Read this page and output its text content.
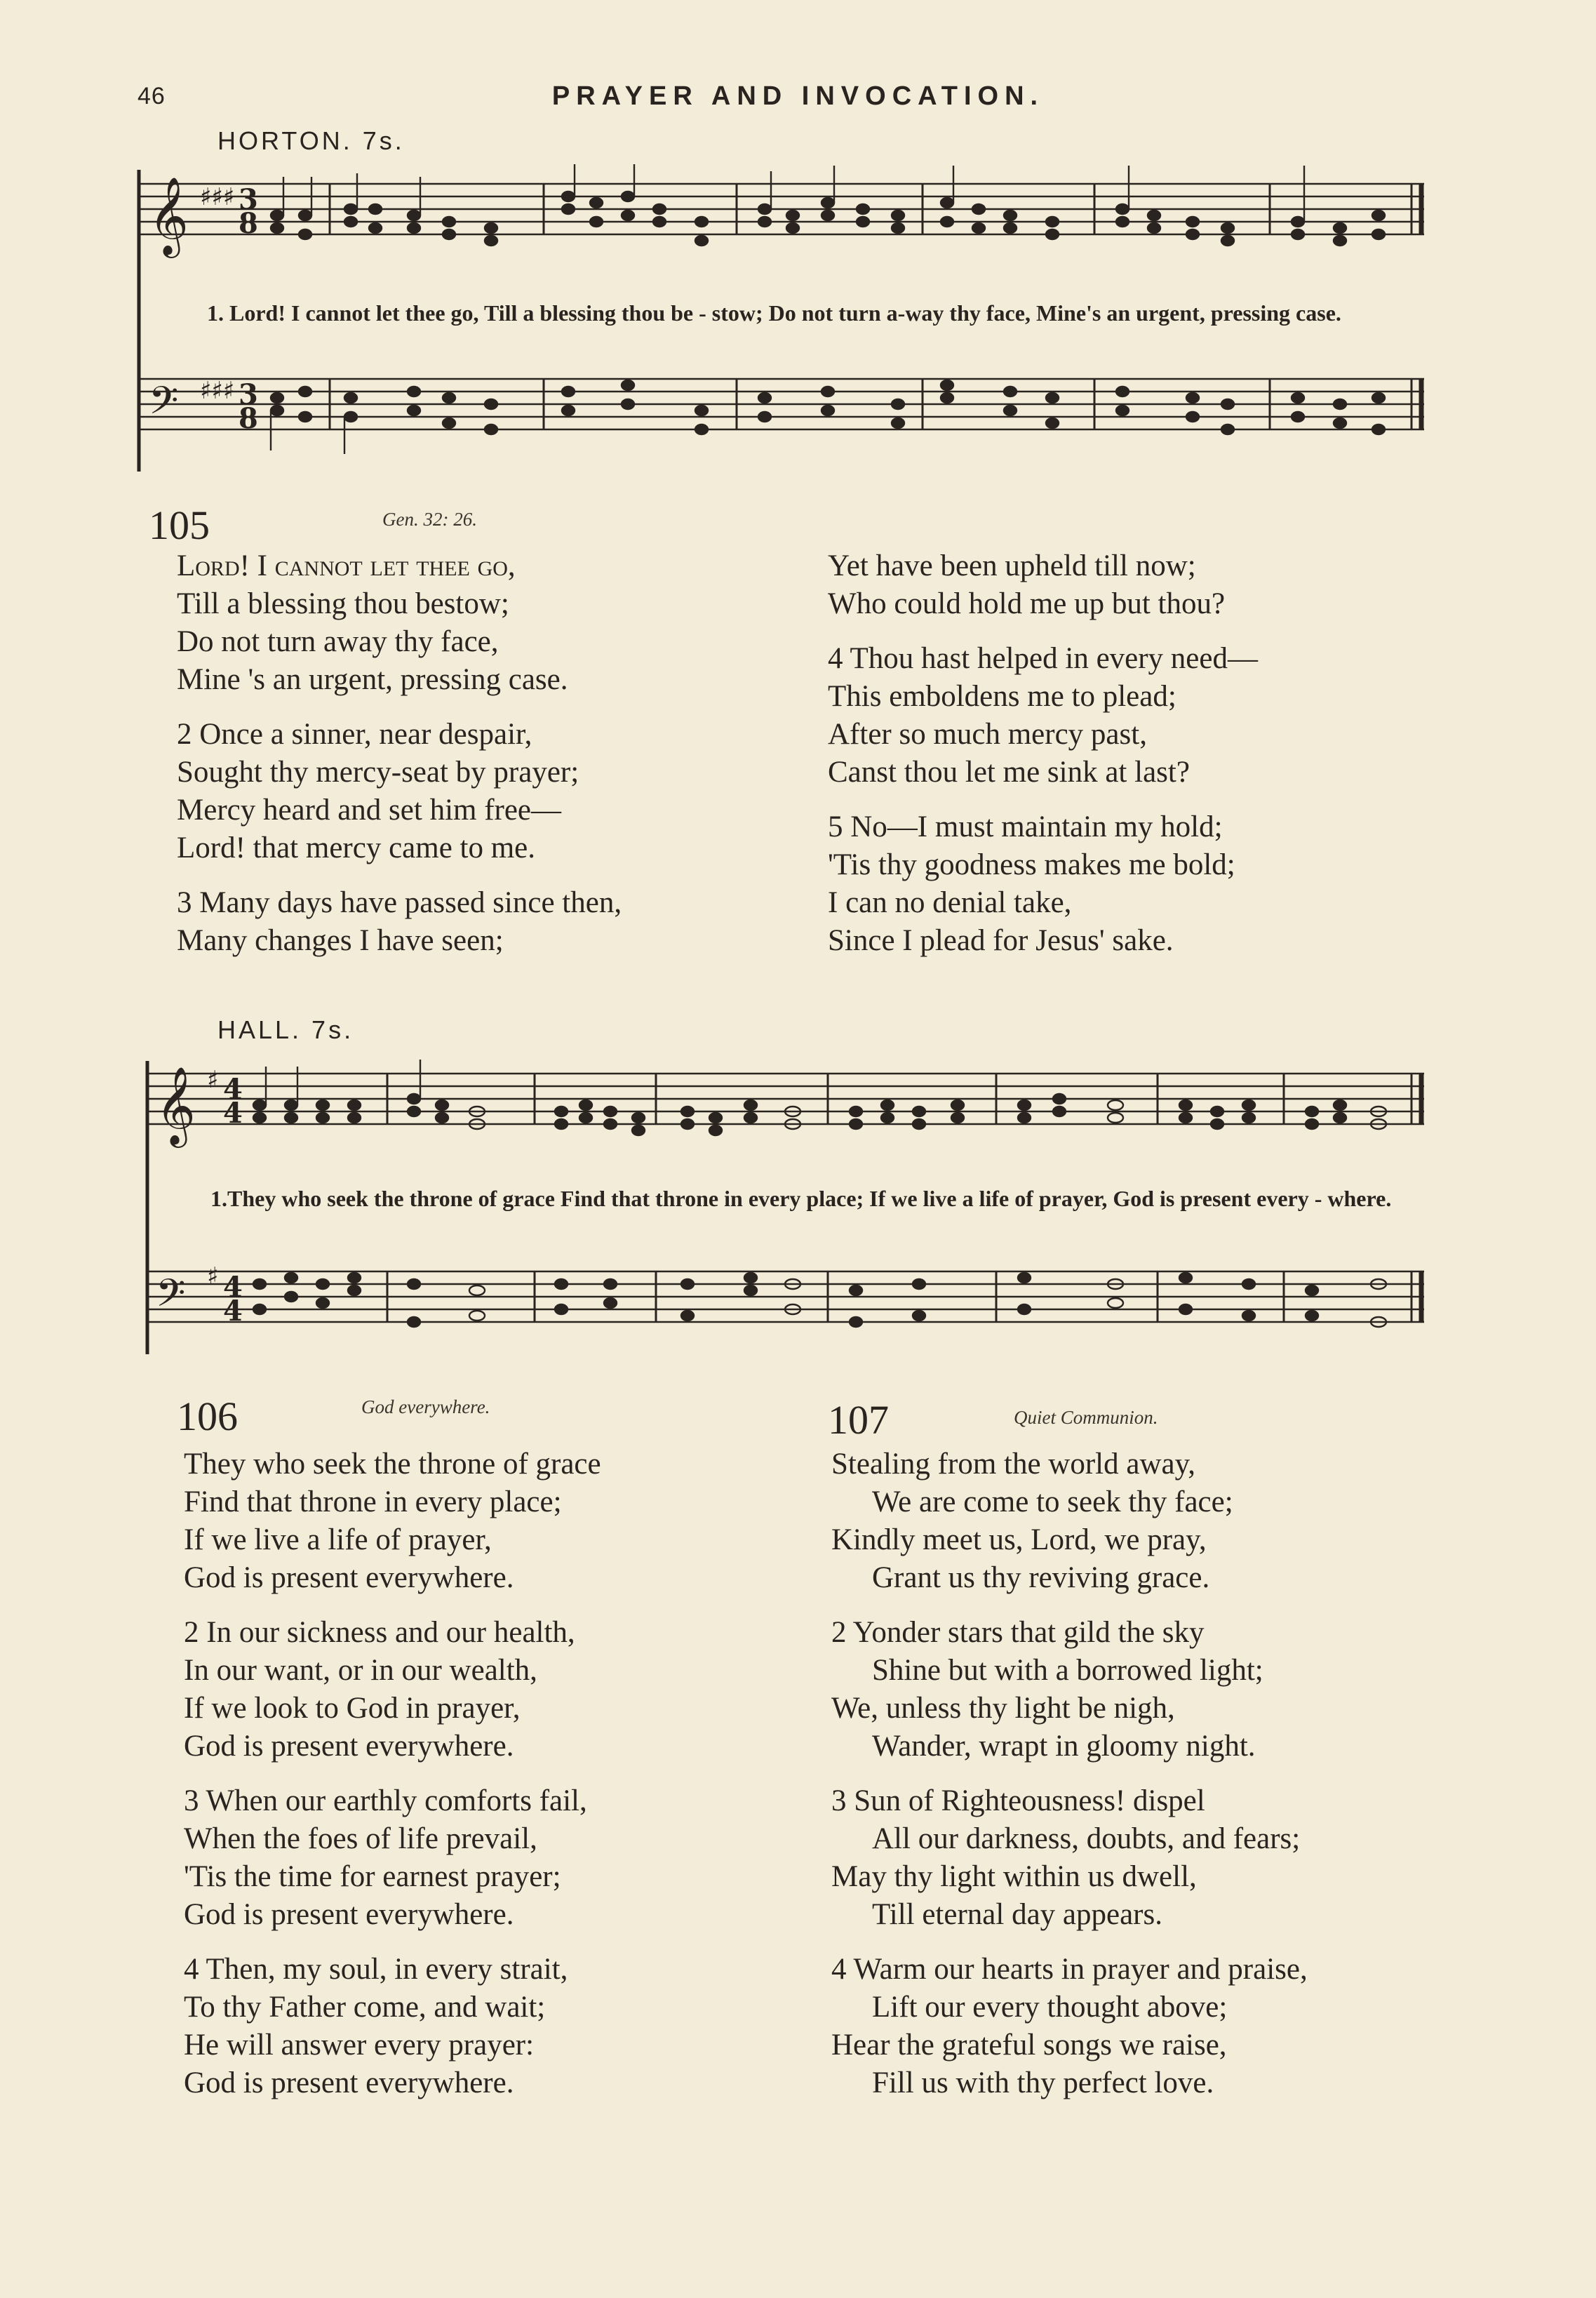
46	PRAYER AND INVOCATION.
HORTON. 7s.
𝄞
𝄢
♯♯♯
♯♯♯
3
8
3
8
1. Lord! I cannot let thee go, Till a blessing thou be - stow; Do not turn a-way thy face, Mine's an urgent, pressing case.
105	Gen. 32: 26.
Lord! I cannot let thee go,
Till a blessing thou bestow;
Do not turn away thy face,
Mine 's an urgent, pressing case.
2 Once a sinner, near despair,
Sought thy mercy-seat by prayer;
Mercy heard and set him free—
Lord! that mercy came to me.
3 Many days have passed since then,
Many changes I have seen;
Yet have been upheld till now;
Who could hold me up but thou?
4 Thou hast helped in every need—
This emboldens me to plead;
After so much mercy past,
Canst thou let me sink at last?
5 No—I must maintain my hold;
'Tis thy goodness makes me bold;
I can no denial take,
Since I plead for Jesus' sake.
HALL. 7s.
𝄞
𝄢
♯
♯
4
4
4
4
1.They who seek the throne of grace Find that throne in every place; If we live a life of prayer, God is present every - where.
106	God everywhere.
They who seek the throne of grace
Find that throne in every place;
If we live a life of prayer,
God is present everywhere.
2 In our sickness and our health,
In our want, or in our wealth,
If we look to God in prayer,
God is present everywhere.
3 When our earthly comforts fail,
When the foes of life prevail,
'Tis the time for earnest prayer;
God is present everywhere.
4 Then, my soul, in every strait,
To thy Father come, and wait;
He will answer every prayer:
God is present everywhere.
107	Quiet Communion.
Stealing from the world away,
We are come to seek thy face;
Kindly meet us, Lord, we pray,
Grant us thy reviving grace.
2 Yonder stars that gild the sky
Shine but with a borrowed light;
We, unless thy light be nigh,
Wander, wrapt in gloomy night.
3 Sun of Righteousness! dispel
All our darkness, doubts, and fears;
May thy light within us dwell,
Till eternal day appears.
4 Warm our hearts in prayer and praise,
Lift our every thought above;
Hear the grateful songs we raise,
Fill us with thy perfect love.
